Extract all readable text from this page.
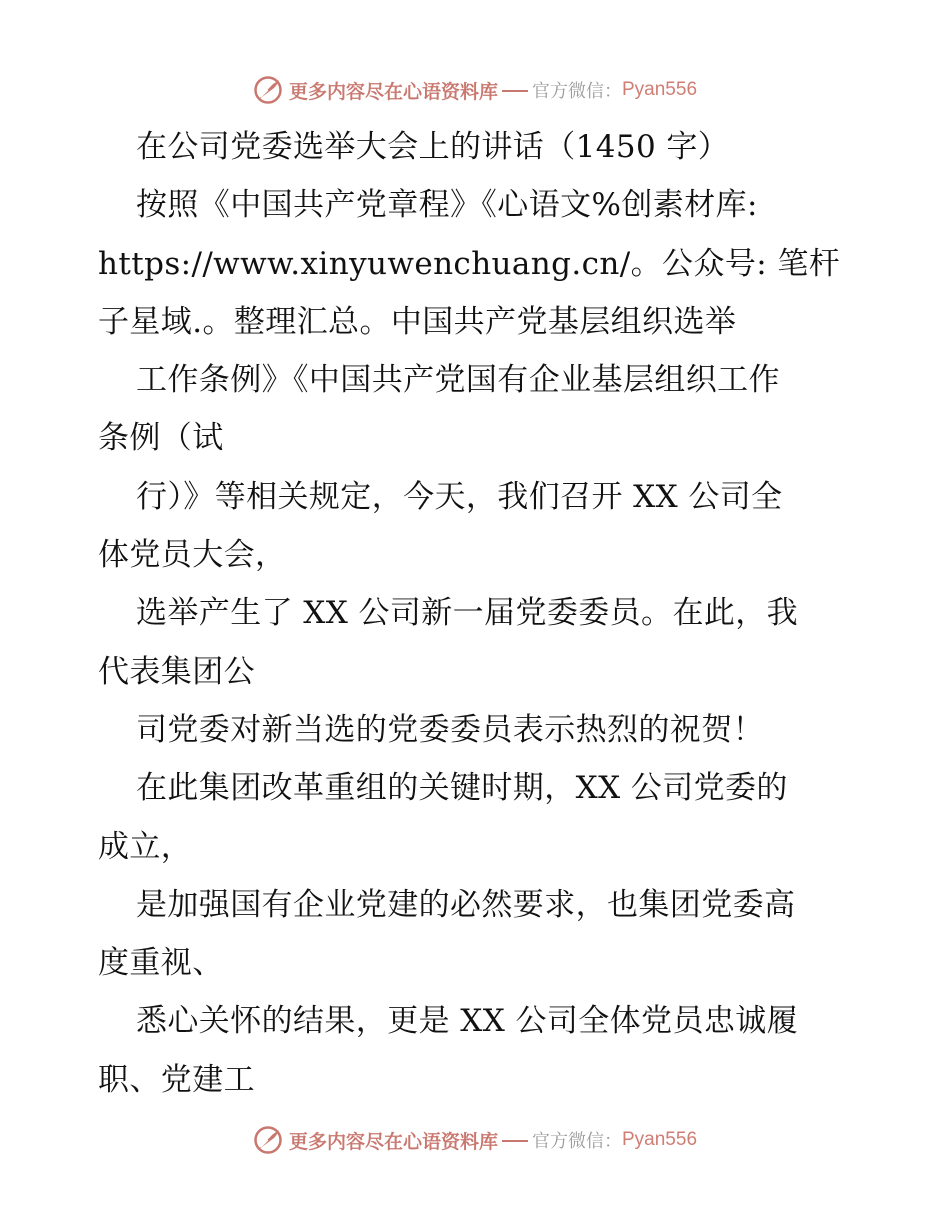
更多内容尽在心语资料库 官方微信： Pyan556
在公司党委选举大会上的讲话（1450 字）
按照《中国共产党章程》《心语文%创素材库:
https://www.xinyuwenchuang.cn/。公众号: 笔杆
子星域.。整理汇总。中国共产党基层组织选举
工作条例》《中国共产党国有企业基层组织工作
条例（试
行）》等相关规定，今天，我们召开 XX 公司全
体党员大会，
选举产生了 XX 公司新一届党委委员。在此，我
代表集团公
司党委对新当选的党委委员表示热烈的祝贺！
在此集团改革重组的关键时期，XX 公司党委的
成立，
是加强国有企业党建的必然要求，也集团党委高
度重视、
悉心关怀的结果，更是 XX 公司全体党员忠诚履
职、党建工
更多内容尽在心语资料库 官方微信： Pyan556
